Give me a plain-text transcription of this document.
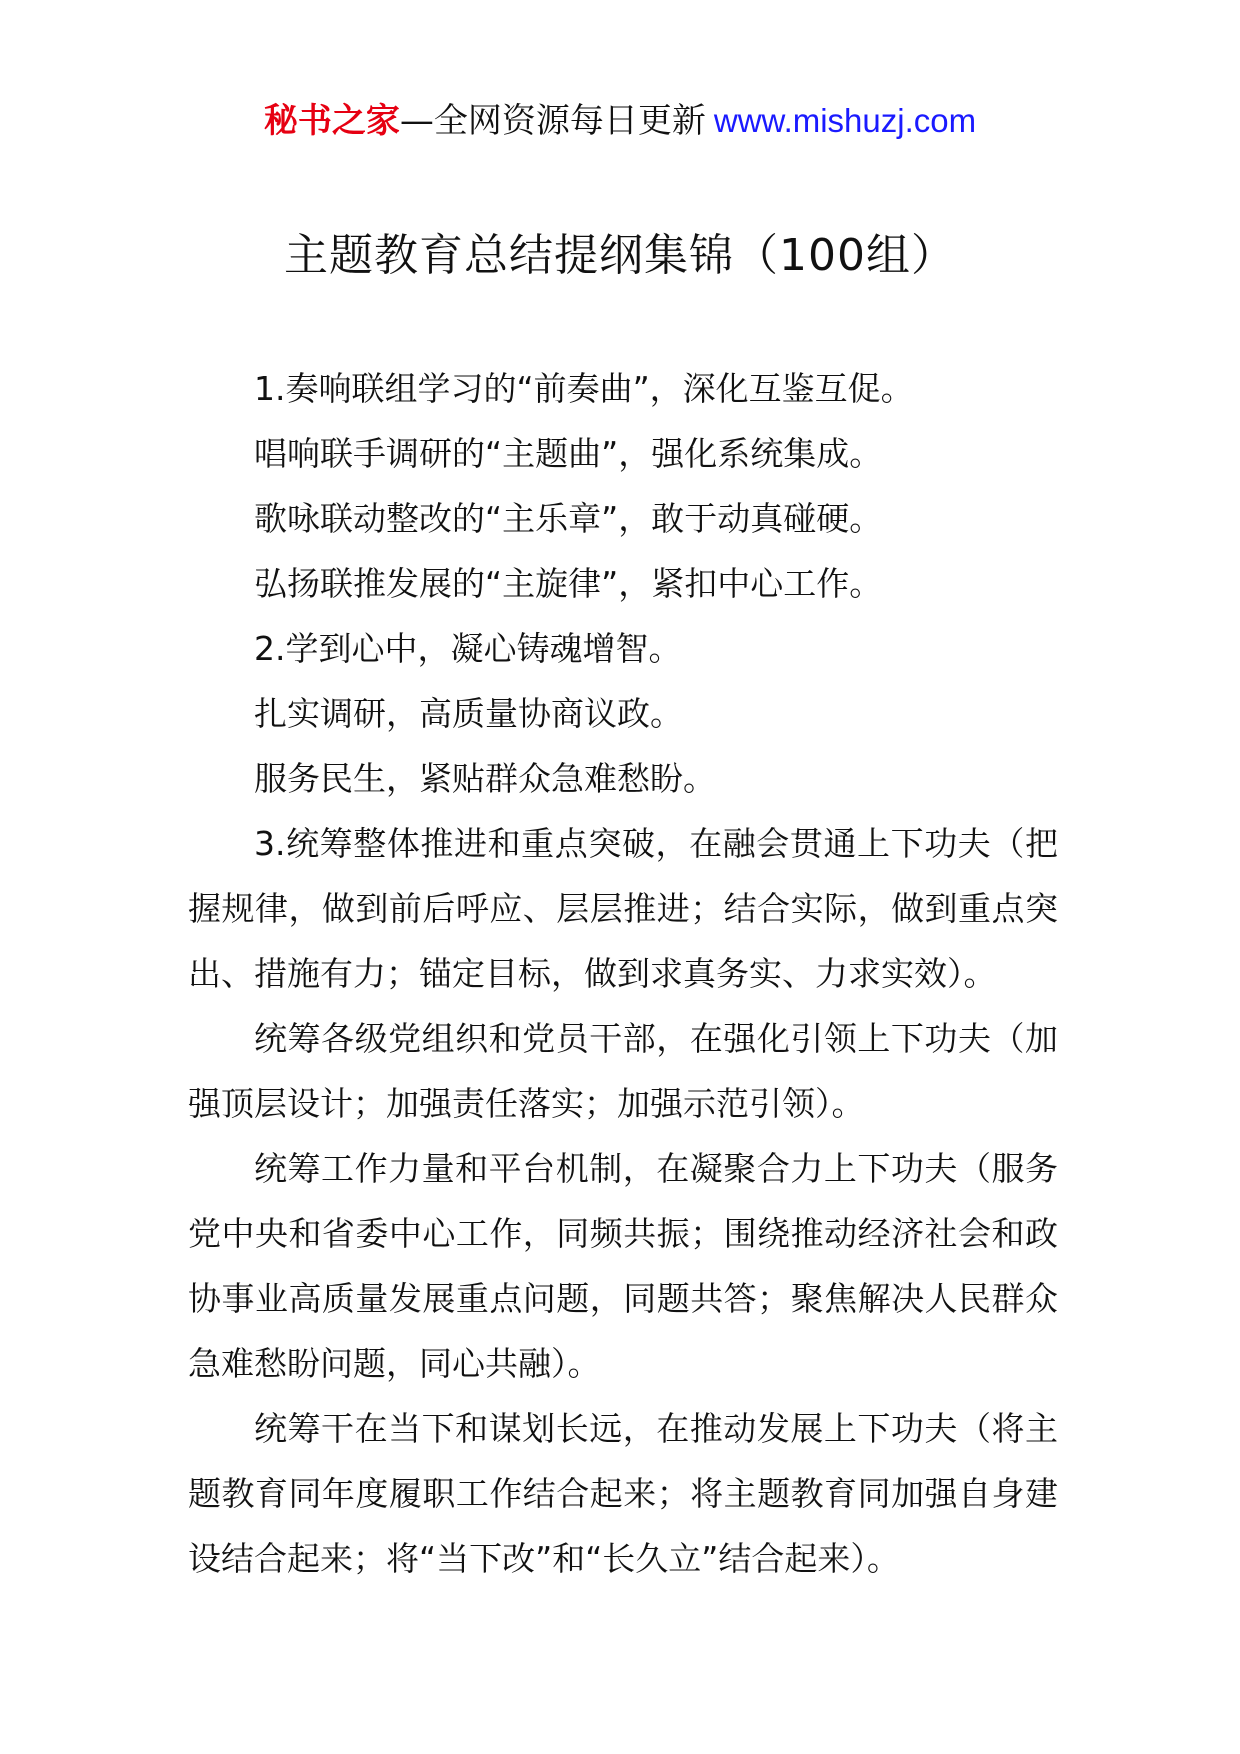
秘书之家—全网资源每日更新 www.mishuzj.com
主题教育总结提纲集锦（100组）

1.奏响联组学习的“前奏曲”，深化互鉴互促。

唱响联手调研的“主题曲”，强化系统集成。

歌咏联动整改的“主乐章”，敢于动真碰硬。

弘扬联推发展的“主旋律”，紧扣中心工作。

2.学到心中，凝心铸魂增智。

扎实调研，高质量协商议政。

服务民生，紧贴群众急难愁盼。

3.统筹整体推进和重点突破，在融会贯通上下功夫（把握规律，做到前后呼应、层层推进；结合实际，做到重点突出、措施有力；锚定目标，做到求真务实、力求实效）。

统筹各级党组织和党员干部，在强化引领上下功夫（加强顶层设计；加强责任落实；加强示范引领）。

统筹工作力量和平台机制，在凝聚合力上下功夫（服务党中央和省委中心工作，同频共振；围绕推动经济社会和政协事业高质量发展重点问题，同题共答；聚焦解决人民群众急难愁盼问题，同心共融）。

统筹干在当下和谋划长远，在推动发展上下功夫（将主题教育同年度履职工作结合起来；将主题教育同加强自身建设结合起来；将“当下改”和“长久立”结合起来）。
